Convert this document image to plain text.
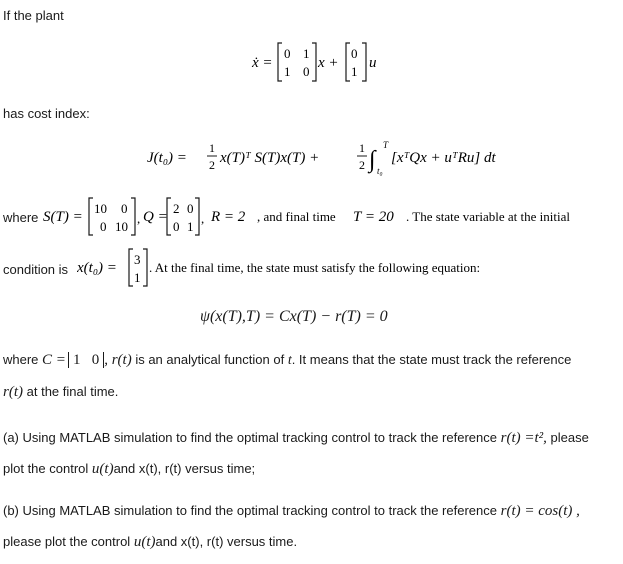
If the plant
ẋ =
0 1
1 0
x +
0
1
u
has cost index:
J(t₀) =
1
2 x(T)ᵀ S(T)x(T) +
1
2 ∫
T
t₀
[xᵀQx + uᵀRu] dt
where S(T) =
10 0
0 10
, Q =
2 0
0 1
, R = 2 , and final time T = 20 . The state variable at the initial
condition is x(t₀) =
3
1
. At the final time, the state must satisfy the following equation:
ψ(x(T),T) = Cx(T) − r(T) = 0
where C = 1 0 , r(t) is an analytical function of t. It means that the state must track the reference
r(t) at the final time.
(a) Using MATLAB simulation to find the optimal tracking control to track the reference r(t) =t², please
plot the control u(t)and x(t), r(t) versus time;
(b) Using MATLAB simulation to find the optimal tracking control to track the reference r(t) = cos(t) ,
please plot the control u(t)and x(t), r(t) versus time.
